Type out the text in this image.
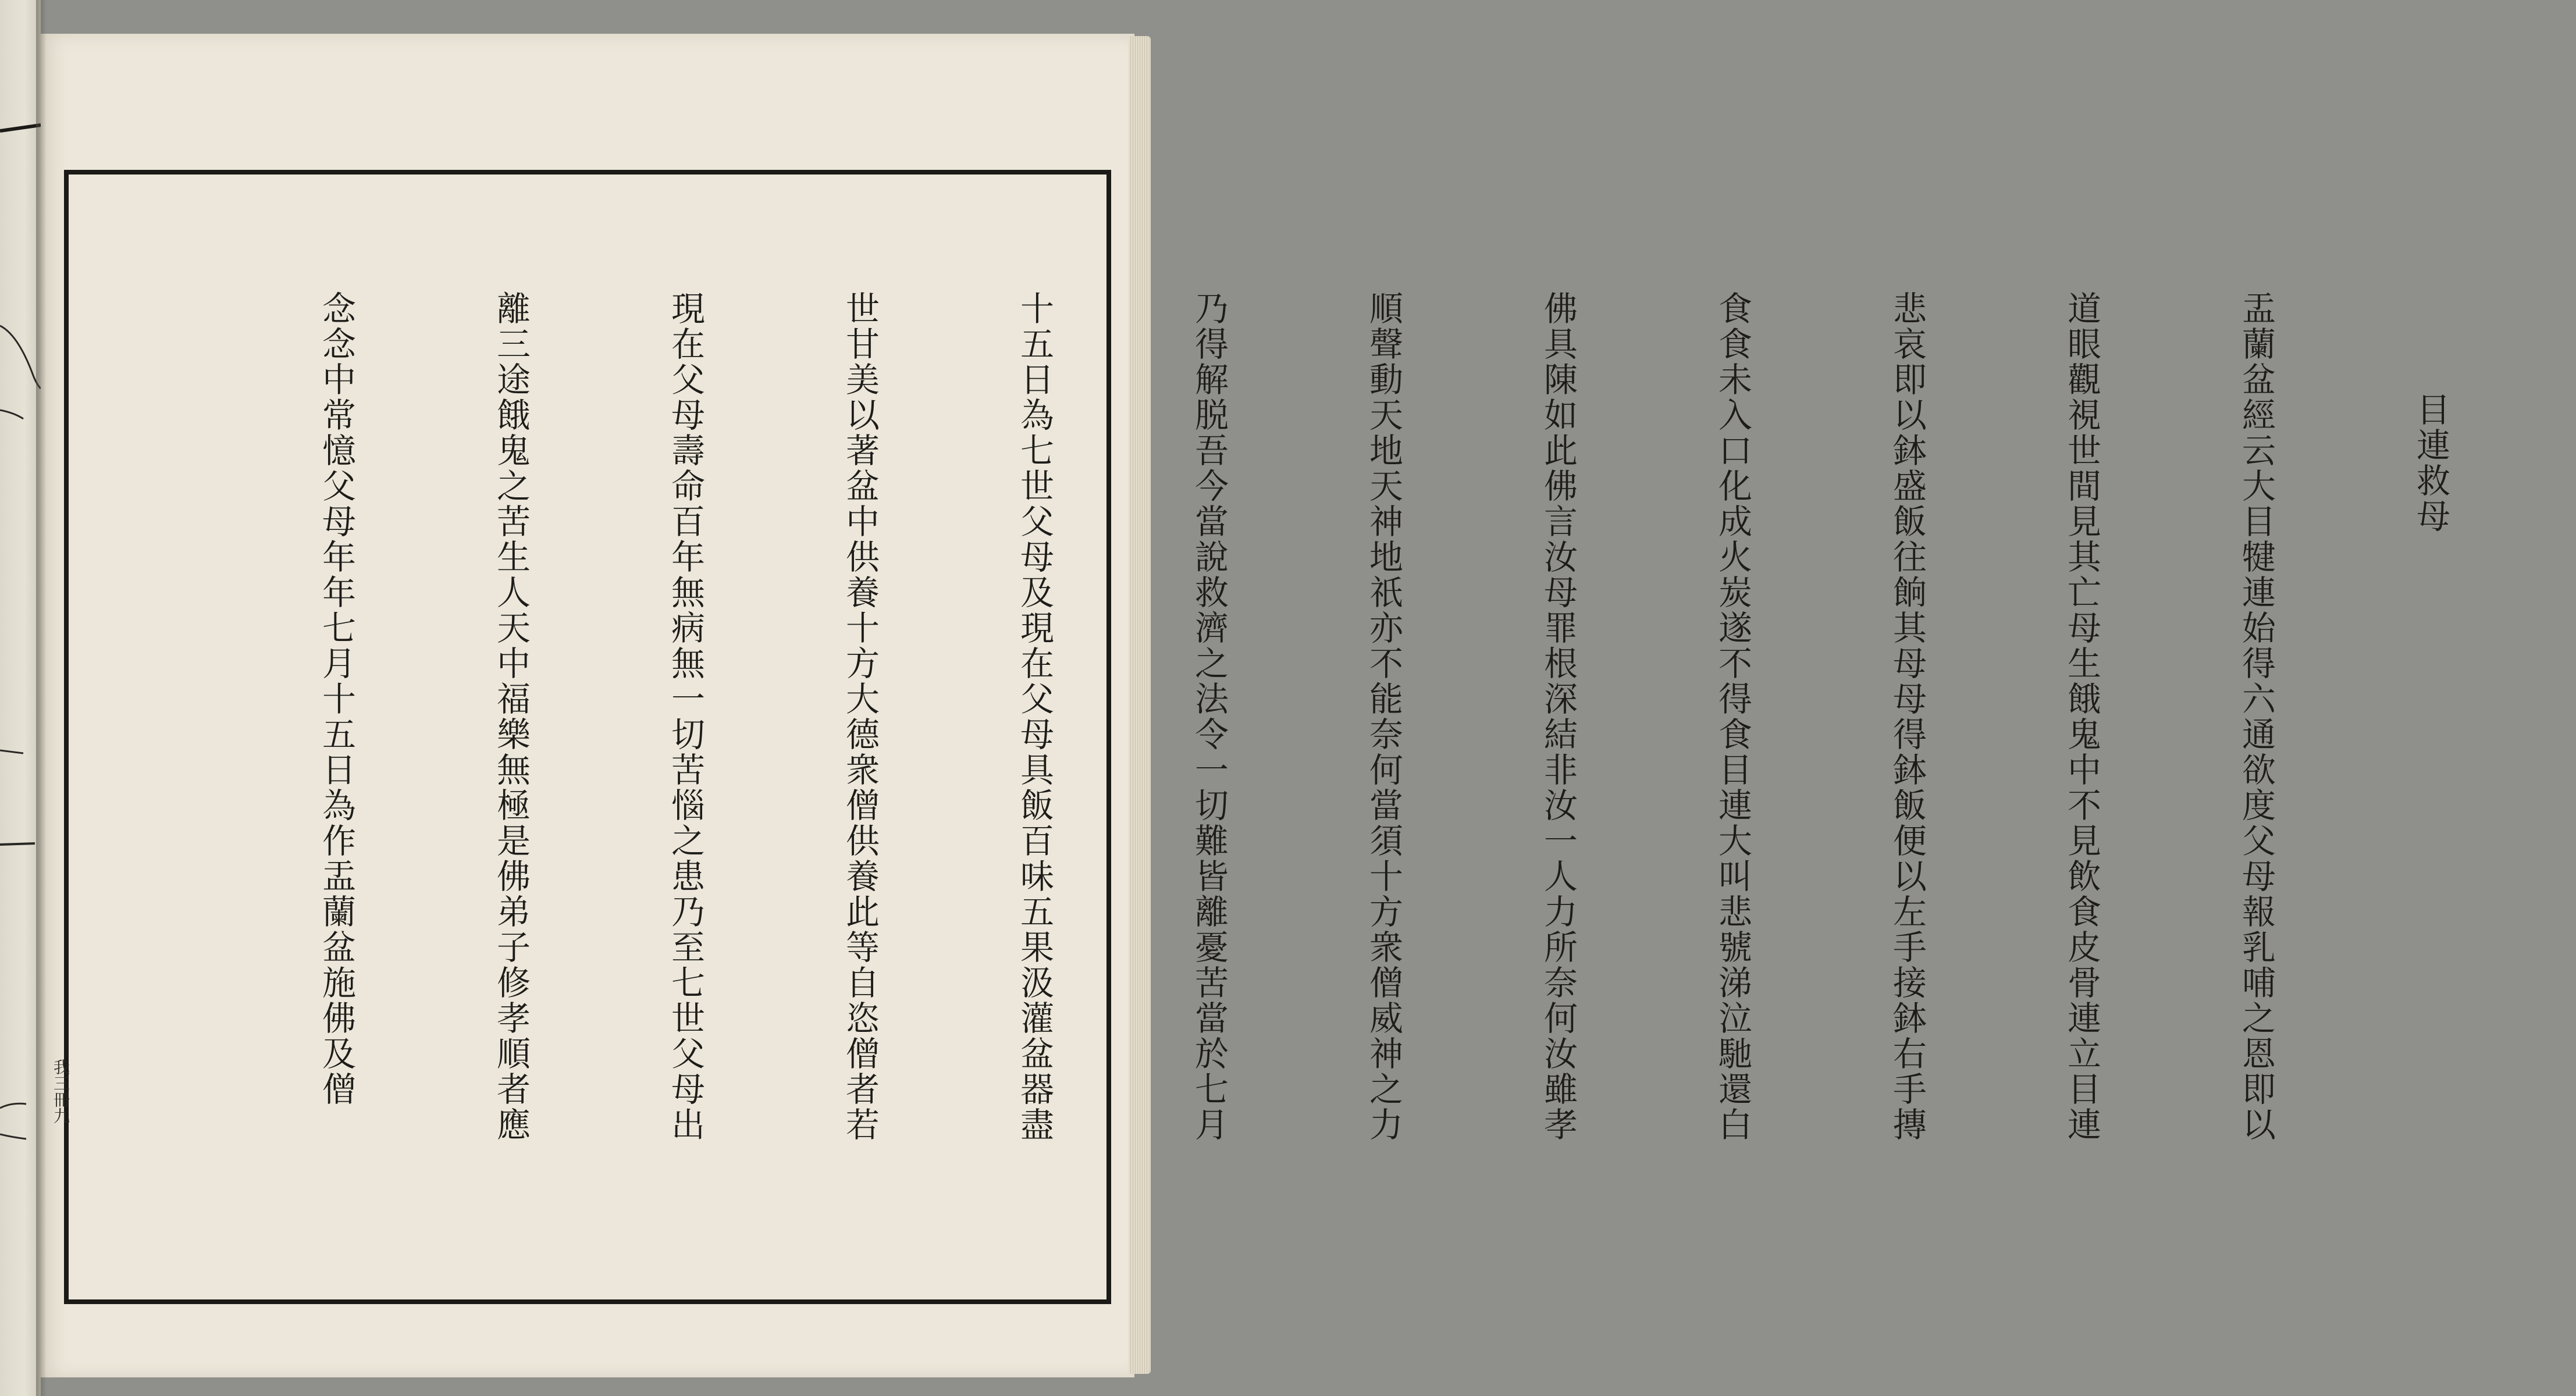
我三冊九

目連救母

盂蘭盆經云大目犍連始得六通欲度父母報乳哺之恩即以

道眼觀視世間見其亡母生餓鬼中不見飲食皮骨連立目連

悲哀即以鉢盛飯往餉其母母得鉢飯便以左手接鉢右手摶

食食未入口化成火炭遂不得食目連大叫悲號涕泣馳還白

佛具陳如此佛言汝母罪根深結非汝一人力所奈何汝雖孝

順聲動天地天神地祇亦不能奈何當須十方衆僧威神之力

乃得解脱吾今當說救濟之法令一切難皆離憂苦當於七月

十五日為七世父母及現在父母具飯百味五果汲灌盆器盡

世甘美以著盆中供養十方大德衆僧供養此等自恣僧者若

現在父母壽命百年無病無一切苦惱之患乃至七世父母出

離三途餓鬼之苦生人天中福樂無極是佛弟子修孝順者應

念念中常憶父母年年七月十五日為作盂蘭盆施佛及僧
